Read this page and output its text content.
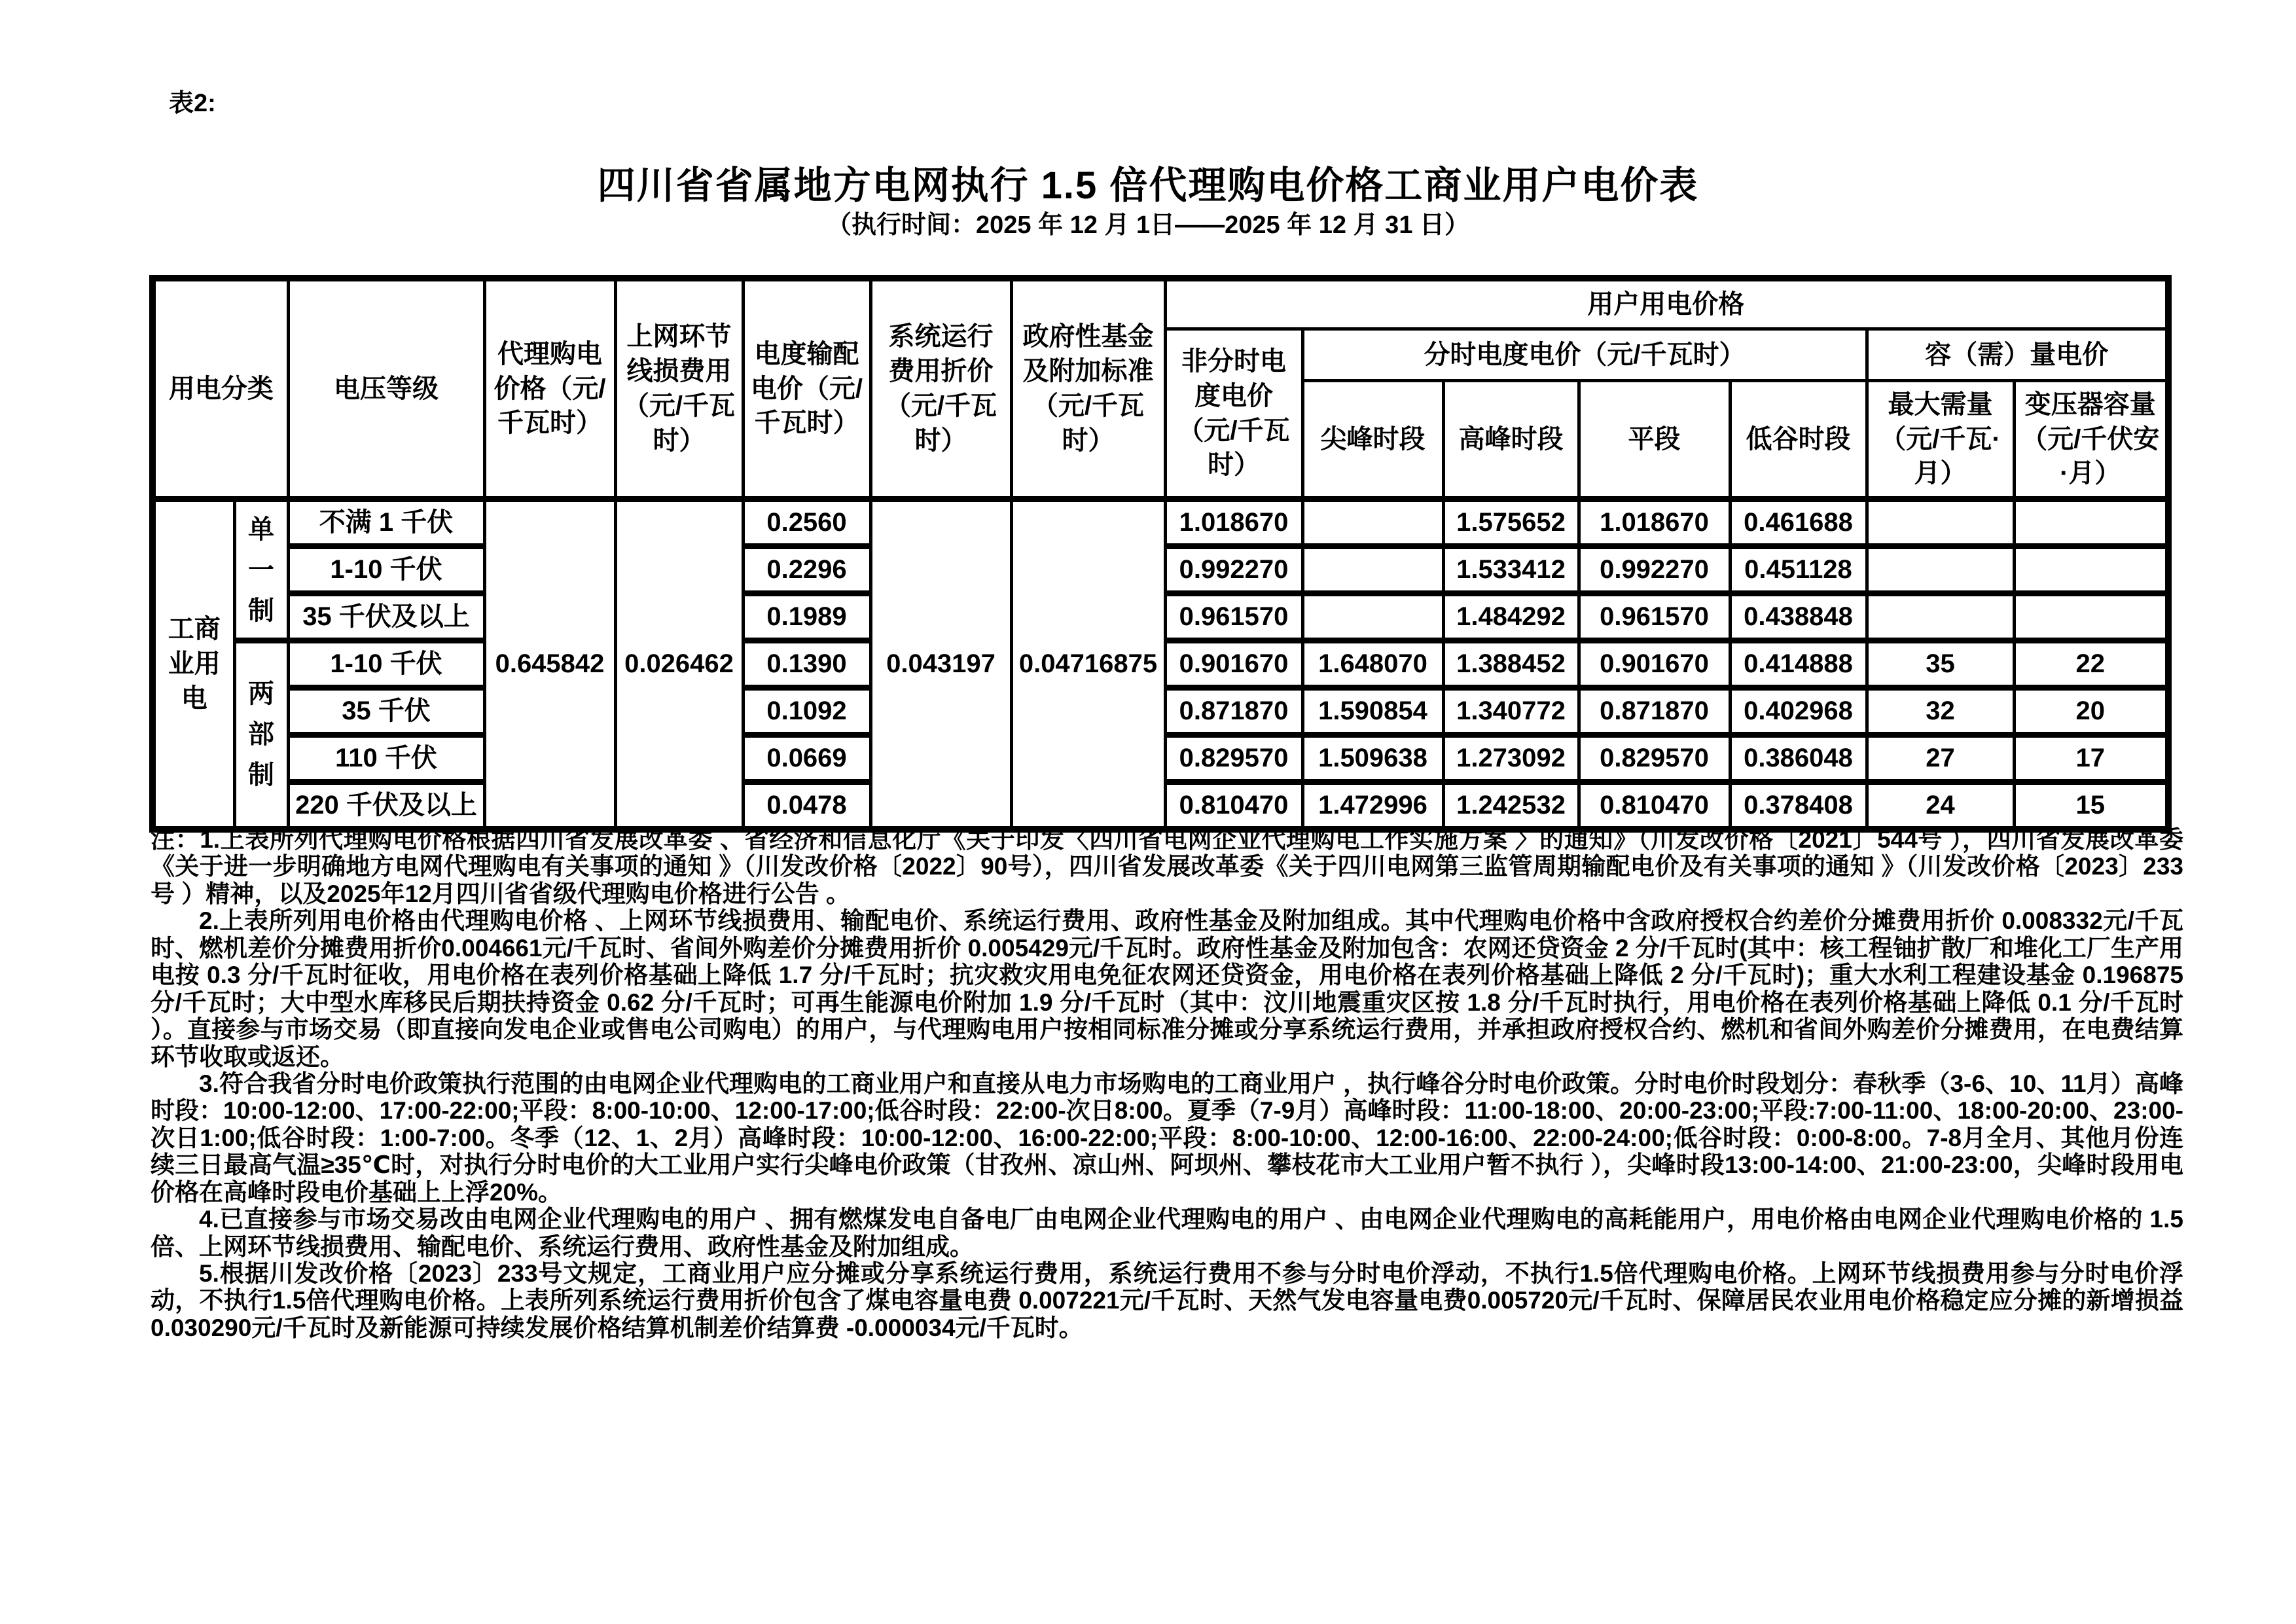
表2:
四川省省属地方电网执行 1.5 倍代理购电价格工商业用户电价表
（执行时间：2025 年 12 月 1日——2025 年 12 月 31 日）
用电分类		电压等级	代理购电价格（元/千瓦时）	上网环节线损费用（元/千瓦时）	电度输配电价（元/千瓦时）	系统运行费用折价（元/千瓦时）	政府性基金及附加标准（元/千瓦时）	用户用电价格						
								非分时电度电价（元/千瓦时）	分时电度电价（元/千瓦时）				容（需）量电价	
									尖峰时段	高峰时段	平段	低谷时段	最大需量（元/千瓦·月）	变压器容量（元/千伏安·月）
工商业用电	单一制	不满 1 千伏	0.645842	0.026462	0.2560	0.043197	0.04716875	1.018670		1.575652	1.018670	0.461688		
		1-10 千伏			0.2296			0.992270		1.533412	0.992270	0.451128		
		35 千伏及以上			0.1989			0.961570		1.484292	0.961570	0.438848		
	两部制	1-10 千伏			0.1390			0.901670	1.648070	1.388452	0.901670	0.414888	35	22
		35 千伏			0.1092			0.871870	1.590854	1.340772	0.871870	0.402968	32	20
		110 千伏			0.0669			0.829570	1.509638	1.273092	0.829570	0.386048	27	17
		220 千伏及以上			0.0478			0.810470	1.472996	1.242532	0.810470	0.378408	24	15

注：1.上表所列代理购电价格根据四川省发展改革委 、省经济和信息化厅《关于印发〈四川省电网企业代理购电工作实施方案 〉的通知》（川发改价格〔2021〕544号 ），四川省发展改革委《关于进一步明确地方电网代理购电有关事项的通知 》（川发改价格〔2022〕90号），四川省发展改革委《关于四川电网第三监管周期输配电价及有关事项的通知 》（川发改价格〔2023〕233号 ）精神，以及2025年12月四川省省级代理购电价格进行公告 。

2.上表所列用电价格由代理购电价格 、上网环节线损费用、输配电价、系统运行费用、政府性基金及附加组成。其中代理购电价格中含政府授权合约差价分摊费用折价 0.008332元/千瓦时、燃机差价分摊费用折价0.004661元/千瓦时、省间外购差价分摊费用折价 0.005429元/千瓦时。政府性基金及附加包含：农网还贷资金 2 分/千瓦时(其中：核工程铀扩散厂和堆化工厂生产用电按 0.3 分/千瓦时征收，用电价格在表列价格基础上降低 1.7 分/千瓦时；抗灾救灾用电免征农网还贷资金，用电价格在表列价格基础上降低 2 分/千瓦时)；重大水利工程建设基金 0.196875 分/千瓦时；大中型水库移民后期扶持资金 0.62 分/千瓦时；可再生能源电价附加 1.9 分/千瓦时（其中：汶川地震重灾区按 1.8 分/千瓦时执行，用电价格在表列价格基础上降低 0.1 分/千瓦时 ）。直接参与市场交易（即直接向发电企业或售电公司购电）的用户，与代理购电用户按相同标准分摊或分享系统运行费用，并承担政府授权合约、燃机和省间外购差价分摊费用，在电费结算环节收取或返还。

3.符合我省分时电价政策执行范围的由电网企业代理购电的工商业用户和直接从电力市场购电的工商业用户 ，执行峰谷分时电价政策。分时电价时段划分：春秋季（3-6、10、11月）高峰时段：10:00-12:00、17:00-22:00;平段：8:00-10:00、12:00-17:00;低谷时段：22:00-次日8:00。夏季（7-9月）高峰时段：11:00-18:00、20:00-23:00;平段:7:00-11:00、18:00-20:00、23:00-次日1:00;低谷时段：1:00-7:00。冬季（12、1、2月）高峰时段：10:00-12:00、16:00-22:00;平段：8:00-10:00、12:00-16:00、22:00-24:00;低谷时段：0:00-8:00。7-8月全月、其他月份连续三日最高气温≥35℃时，对执行分时电价的大工业用户实行尖峰电价政策（甘孜州、凉山州、阿坝州、攀枝花市大工业用户暂不执行 ），尖峰时段13:00-14:00、21:00-23:00，尖峰时段用电价格在高峰时段电价基础上上浮20%。

4.已直接参与市场交易改由电网企业代理购电的用户 、拥有燃煤发电自备电厂由电网企业代理购电的用户 、由电网企业代理购电的高耗能用户，用电价格由电网企业代理购电价格的 1.5倍、上网环节线损费用、输配电价、系统运行费用、政府性基金及附加组成。

5.根据川发改价格〔2023〕233号文规定，工商业用户应分摊或分享系统运行费用，系统运行费用不参与分时电价浮动，不执行1.5倍代理购电价格。上网环节线损费用参与分时电价浮动，不执行1.5倍代理购电价格。上表所列系统运行费用折价包含了煤电容量电费 0.007221元/千瓦时、天然气发电容量电费0.005720元/千瓦时、保障居民农业用电价格稳定应分摊的新增损益 0.030290元/千瓦时及新能源可持续发展价格结算机制差价结算费 -0.000034元/千瓦时。
